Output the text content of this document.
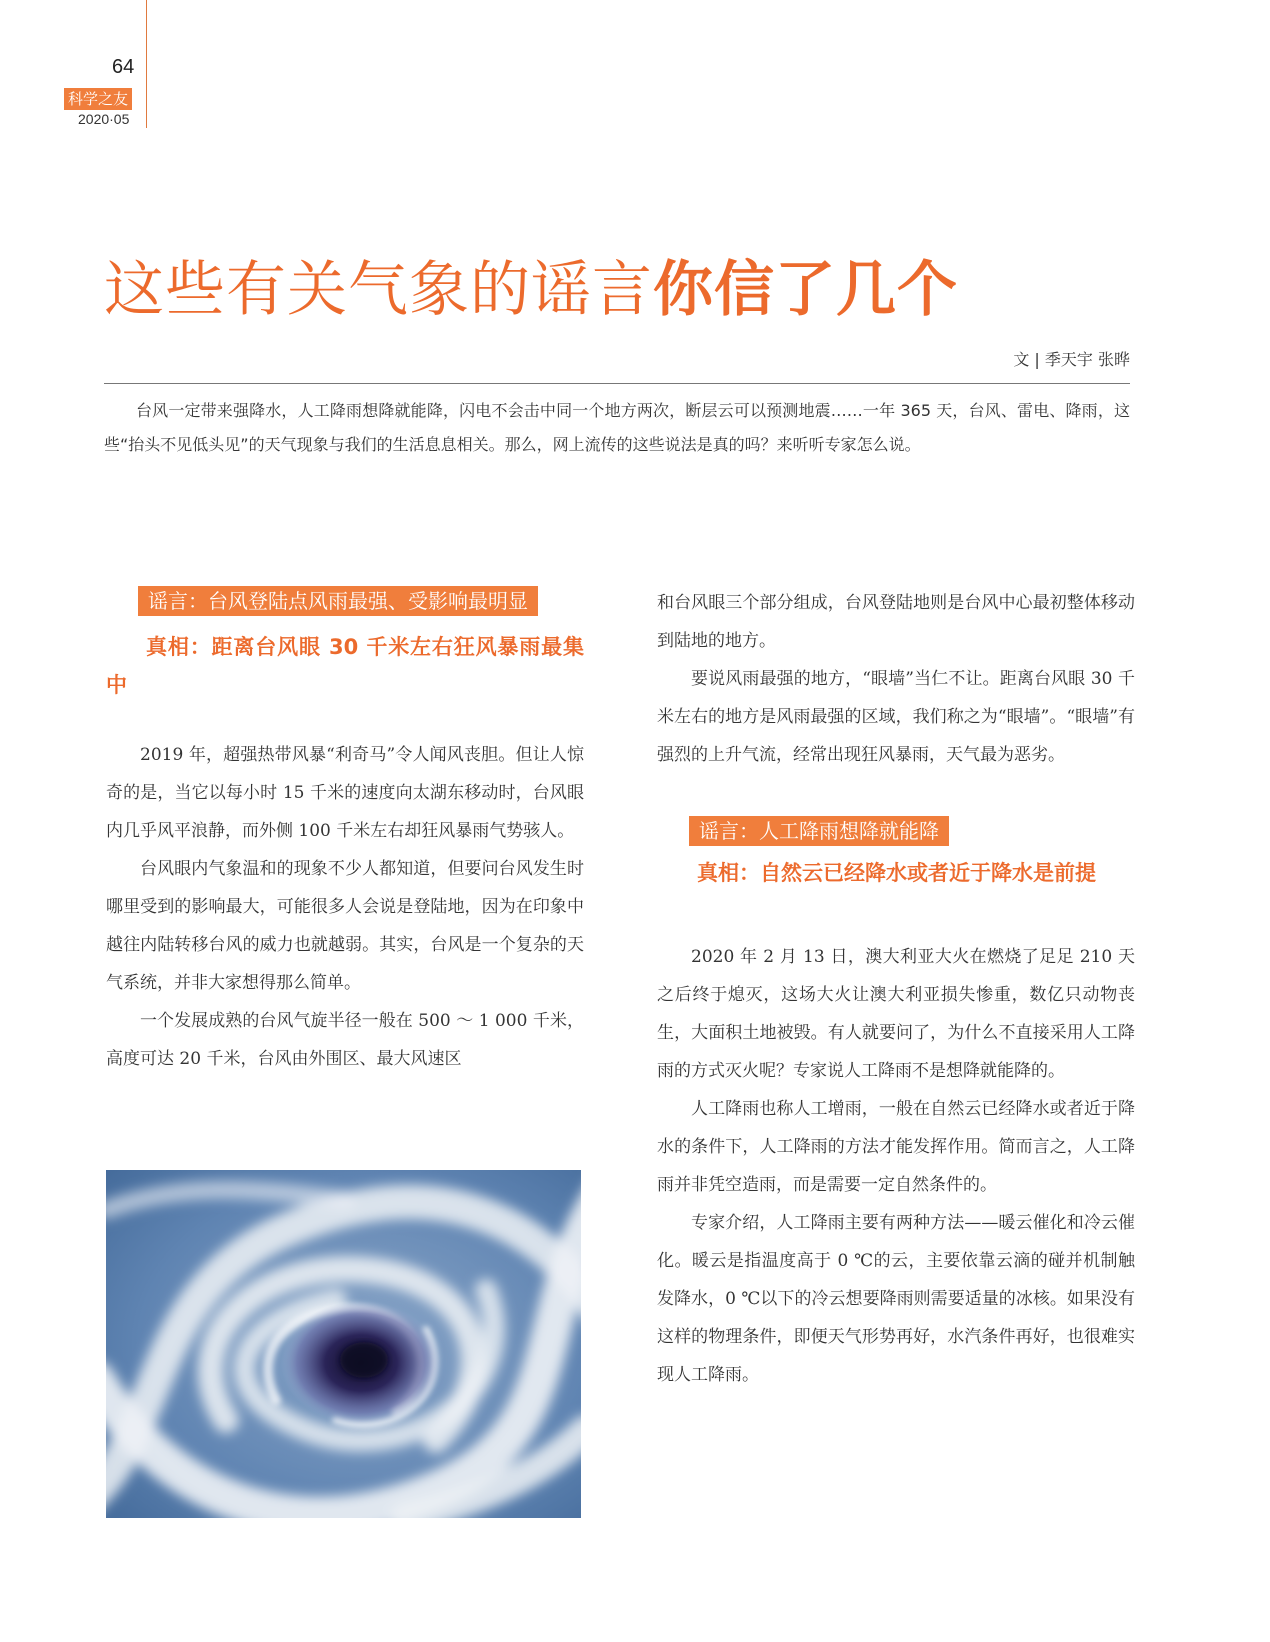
64
科学之友
2020·05
这些有关气象的谣言你信了几个
文 | 季天宇 张晔

台风一定带来强降水，人工降雨想降就能降，闪电不会击中同一个地方两次，断层云可以预测地震……一年 365 天，台风、雷电、降雨，这些“抬头不见低头见”的天气现象与我们的生活息息相关。那么，网上流传的这些说法是真的吗？来听听专家怎么说。

谣言：台风登陆点风雨最强、受影响最明显

真相：距离台风眼 30 千米左右狂风暴雨最集中

2019 年，超强热带风暴“利奇马”令人闻风丧胆。但让人惊奇的是，当它以每小时 15 千米的速度向太湖东移动时，台风眼内几乎风平浪静，而外侧 100 千米左右却狂风暴雨气势骇人。

台风眼内气象温和的现象不少人都知道，但要问台风发生时哪里受到的影响最大，可能很多人会说是登陆地，因为在印象中越往内陆转移台风的威力也就越弱。其实，台风是一个复杂的天气系统，并非大家想得那么简单。

一个发展成熟的台风气旋半径一般在 500 ～ 1 000 千米，高度可达 20 千米，台风由外围区、最大风速区

和台风眼三个部分组成，台风登陆地则是台风中心最初整体移动到陆地的地方。

要说风雨最强的地方，“眼墙”当仁不让。距离台风眼 30 千米左右的地方是风雨最强的区域，我们称之为“眼墙”。“眼墙”有强烈的上升气流，经常出现狂风暴雨，天气最为恶劣。

谣言：人工降雨想降就能降

真相：自然云已经降水或者近于降水是前提

2020 年 2 月 13 日，澳大利亚大火在燃烧了足足 210 天之后终于熄灭，这场大火让澳大利亚损失惨重，数亿只动物丧生，大面积土地被毁。有人就要问了，为什么不直接采用人工降雨的方式灭火呢？专家说人工降雨不是想降就能降的。

人工降雨也称人工增雨，一般在自然云已经降水或者近于降水的条件下，人工降雨的方法才能发挥作用。简而言之，人工降雨并非凭空造雨，而是需要一定自然条件的。

专家介绍，人工降雨主要有两种方法——暖云催化和冷云催化。暖云是指温度高于 0 ℃的云，主要依靠云滴的碰并机制触发降水，0 ℃以下的冷云想要降雨则需要适量的冰核。如果没有这样的物理条件，即便天气形势再好，水汽条件再好，也很难实现人工降雨。
